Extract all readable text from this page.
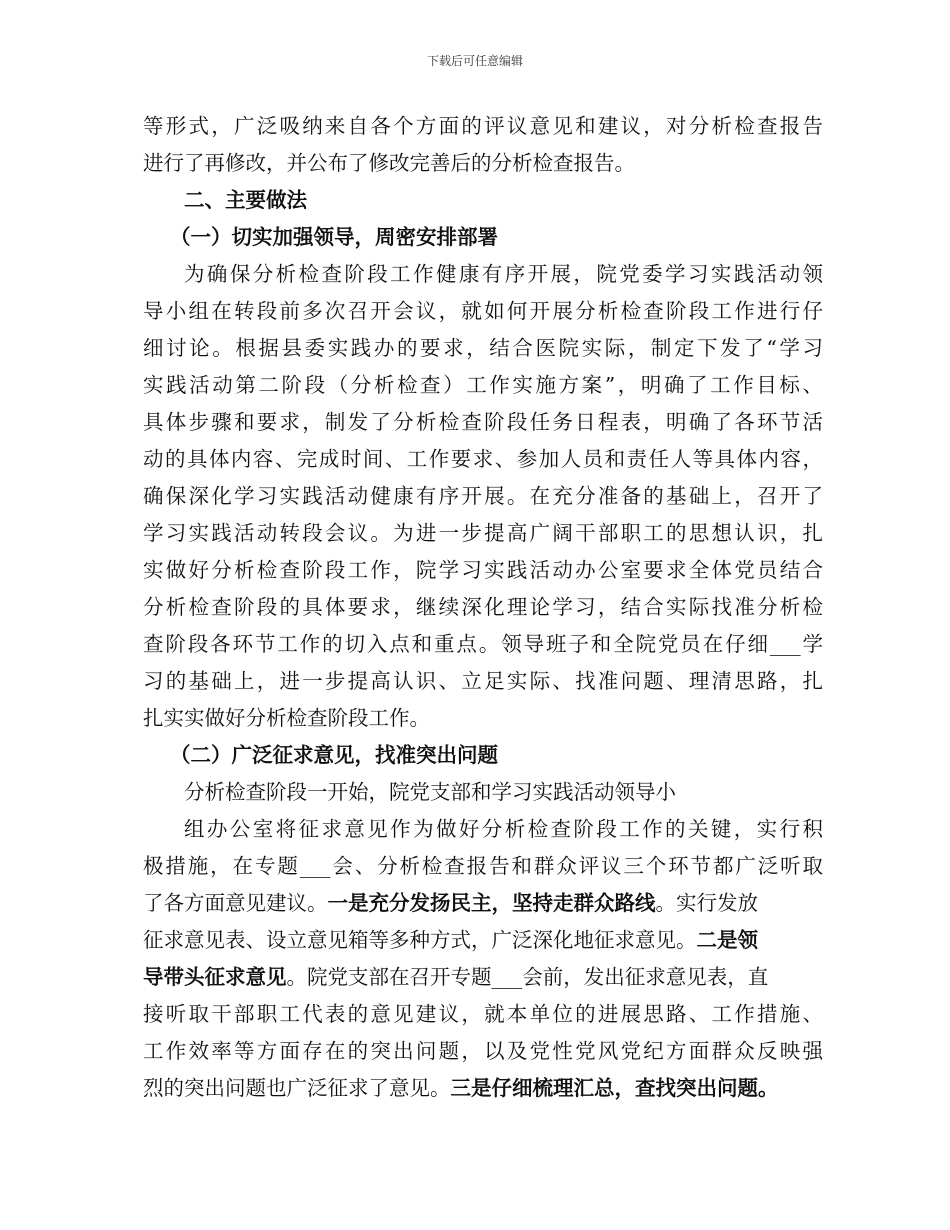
下载后可任意编辑
等形式，广泛吸纳来自各个方面的评议意见和建议，对分析检查报告
进行了再修改，并公布了修改完善后的分析检查报告。
二、主要做法
（一）切实加强领导，周密安排部署
为确保分析检查阶段工作健康有序开展，院党委学习实践活动领
导小组在转段前多次召开会议，就如何开展分析检查阶段工作进行仔
细讨论。根据县委实践办的要求，结合医院实际，制定下发了“学习
实践活动第二阶段（分析检查）工作实施方案”，明确了工作目标、
具体步骤和要求，制发了分析检查阶段任务日程表，明确了各环节活
动的具体内容、完成时间、工作要求、参加人员和责任人等具体内容，
确保深化学习实践活动健康有序开展。在充分准备的基础上，召开了
学习实践活动转段会议。为进一步提高广阔干部职工的思想认识，扎
实做好分析检查阶段工作，院学习实践活动办公室要求全体党员结合
分析检查阶段的具体要求，继续深化理论学习，结合实际找准分析检
查阶段各环节工作的切入点和重点。领导班子和全院党员在仔细___学
习的基础上，进一步提高认识、立足实际、找准问题、理清思路，扎
扎实实做好分析检查阶段工作。
（二）广泛征求意见，找准突出问题
分析检查阶段一开始，院党支部和学习实践活动领导小
组办公室将征求意见作为做好分析检查阶段工作的关键，实行积
极措施，在专题___会、分析检查报告和群众评议三个环节都广泛听取
了各方面意见建议。一是充分发扬民主，坚持走群众路线。实行发放
征求意见表、设立意见箱等多种方式，广泛深化地征求意见。二是领
导带头征求意见。院党支部在召开专题___会前，发出征求意见表，直
接听取干部职工代表的意见建议，就本单位的进展思路、工作措施、
工作效率等方面存在的突出问题，以及党性党风党纪方面群众反映强
烈的突出问题也广泛征求了意见。三是仔细梳理汇总，查找突出问题。
